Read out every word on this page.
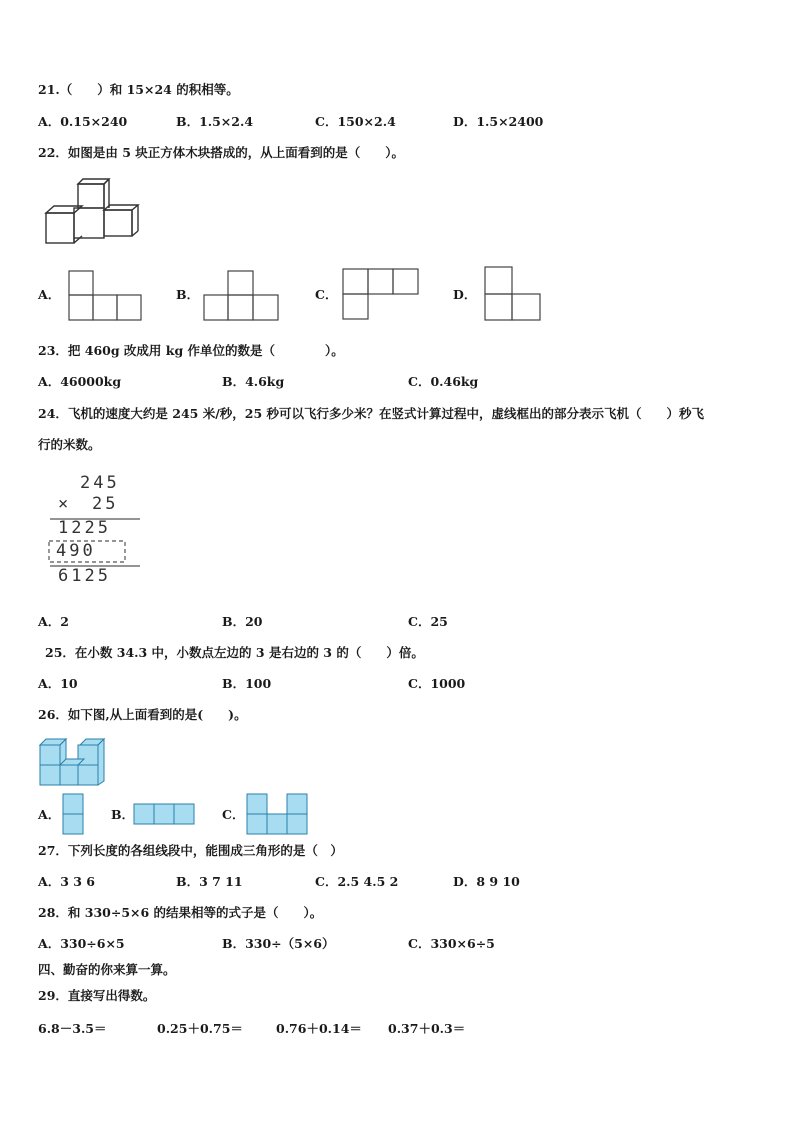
21.（　　）和 15×24 的积相等。
A．0.15×240	B．1.5×2.4	C．150×2.4	D．1.5×2400
22．如图是由 5 块正方体木块搭成的，从上面看到的是（　　）。
A．	B．	C．	D．
23．把 460g 改成用 kg 作单位的数是（　　　　）。
A．46000kg	B．4.6kg	C．0.46kg
24．飞机的速度大约是 245 米/秒，25 秒可以飞行多少米？在竖式计算过程中，虚线框出的部分表示飞机（　　）秒飞
行的米数。
245
× 25
1225
490
6125
A．2	B．20	C．25
25．在小数 34.3 中，小数点左边的 3 是右边的 3 的（　　）倍。
A．10	B．100	C．1000
26．如下图,从上面看到的是(　　)。
A．	B．	C．
27．下列长度的各组线段中，能围成三角形的是（　）
A．3 3 6	B．3 7 11	C．2.5 4.5 2	D．8 9 10
28．和 330÷5×6 的结果相等的式子是（　　）。
A．330÷6×5	B．330÷（5×6）	C．330×6÷5
四、勤奋的你来算一算。
29．直接写出得数。
6.8－3.5＝	0.25＋0.75＝	0.76＋0.14＝ 0.37＋0.3＝
